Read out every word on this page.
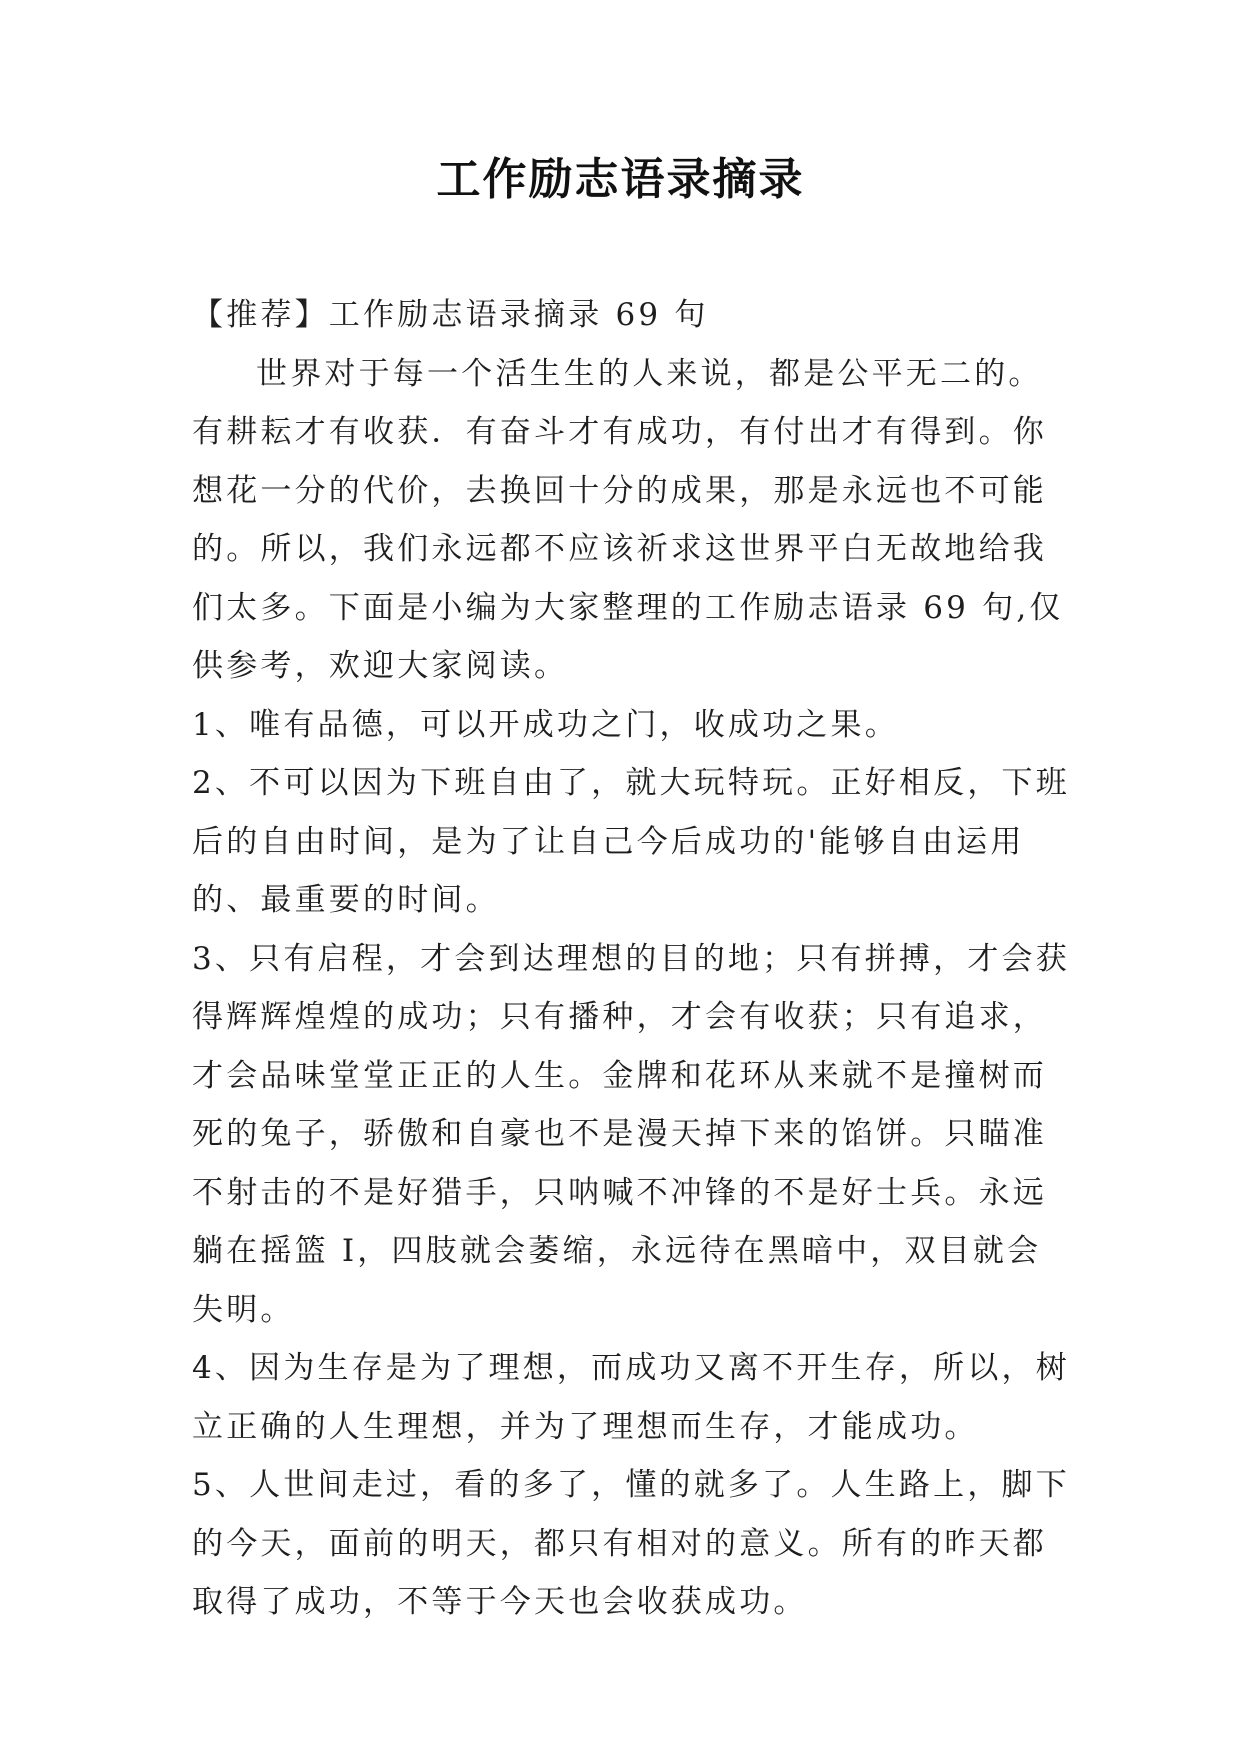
工作励志语录摘录

【推荐】工作励志语录摘录 69 句

世界对于每一个活生生的人来说，都是公平无二的。有耕耘才有收获．有奋斗才有成功，有付出才有得到。你想花一分的代价，去换回十分的成果，那是永远也不可能的。所以，我们永远都不应该祈求这世界平白无故地给我们太多。下面是小编为大家整理的工作励志语录 69 句,仅供参考，欢迎大家阅读。

1、唯有品德，可以开成功之门，收成功之果。

2、不可以因为下班自由了，就大玩特玩。正好相反，下班后的自由时间，是为了让自己今后成功的'能够自由运用的、最重要的时间。

3、只有启程，才会到达理想的目的地；只有拼搏，才会获得辉辉煌煌的成功；只有播种，才会有收获；只有追求，才会品味堂堂正正的人生。金牌和花环从来就不是撞树而死的兔子，骄傲和自豪也不是漫天掉下来的馅饼。只瞄准不射击的不是好猎手，只呐喊不冲锋的不是好士兵。永远躺在摇篮 I，四肢就会萎缩，永远待在黑暗中，双目就会失明。

4、因为生存是为了理想，而成功又离不开生存，所以，树立正确的人生理想，并为了理想而生存，才能成功。

5、人世间走过，看的多了，懂的就多了。人生路上，脚下的今天，面前的明天，都只有相对的意义。所有的昨天都取得了成功，不等于今天也会收获成功。
